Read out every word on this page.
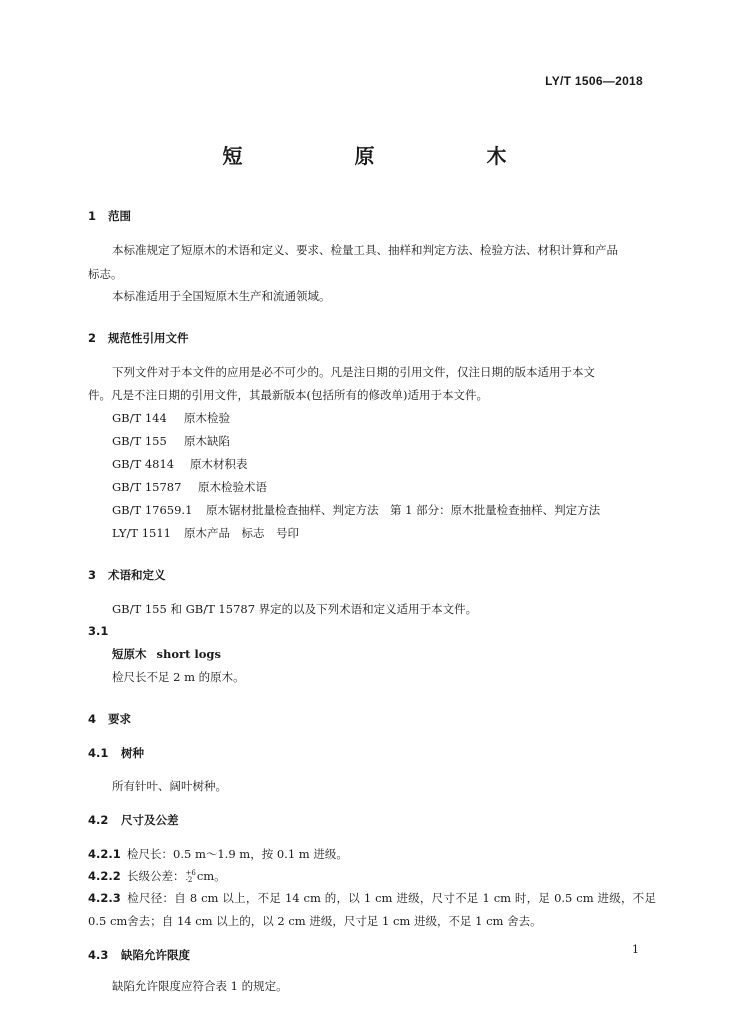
LY/T 1506—2018
短　原　木
1 范围
本标准规定了短原木的术语和定义、要求、检量工具、抽样和判定方法、检验方法、材积计算和产品
标志。
本标准适用于全国短原木生产和流通领域。
2 规范性引用文件
下列文件对于本文件的应用是必不可少的。凡是注日期的引用文件，仅注日期的版本适用于本文
件。凡是不注日期的引用文件，其最新版本(包括所有的修改单)适用于本文件。
GB/T 144 原木检验
GB/T 155 原木缺陷
GB/T 4814 原木材积表
GB/T 15787 原木检验术语
GB/T 17659.1 原木锯材批量检查抽样、判定方法　第 1 部分：原木批量检查抽样、判定方法
LY/T 1511 原木产品　标志　号印
3 术语和定义
GB/T 155 和 GB/T 15787 界定的以及下列术语和定义适用于本文件。
3.1
短原木 short logs
检尺长不足 2 m 的原木。
4 要求
4.1 树种
所有针叶、阔叶树种。
4.2 尺寸及公差
4.2.1 检尺长：0.5 m～1.9 m，按 0.1 m 进级。
4.2.2 长级公差： +6
-2 cm。
4.2.3 检尺径：自 8 cm 以上，不足 14 cm 的，以 1 cm 进级，尺寸不足 1 cm 时，足 0.5 cm 进级，不足
0.5 cm舍去；自 14 cm 以上的，以 2 cm 进级，尺寸足 1 cm 进级，不足 1 cm 舍去。
4.3 缺陷允许限度
缺陷允许限度应符合表 1 的规定。
1
